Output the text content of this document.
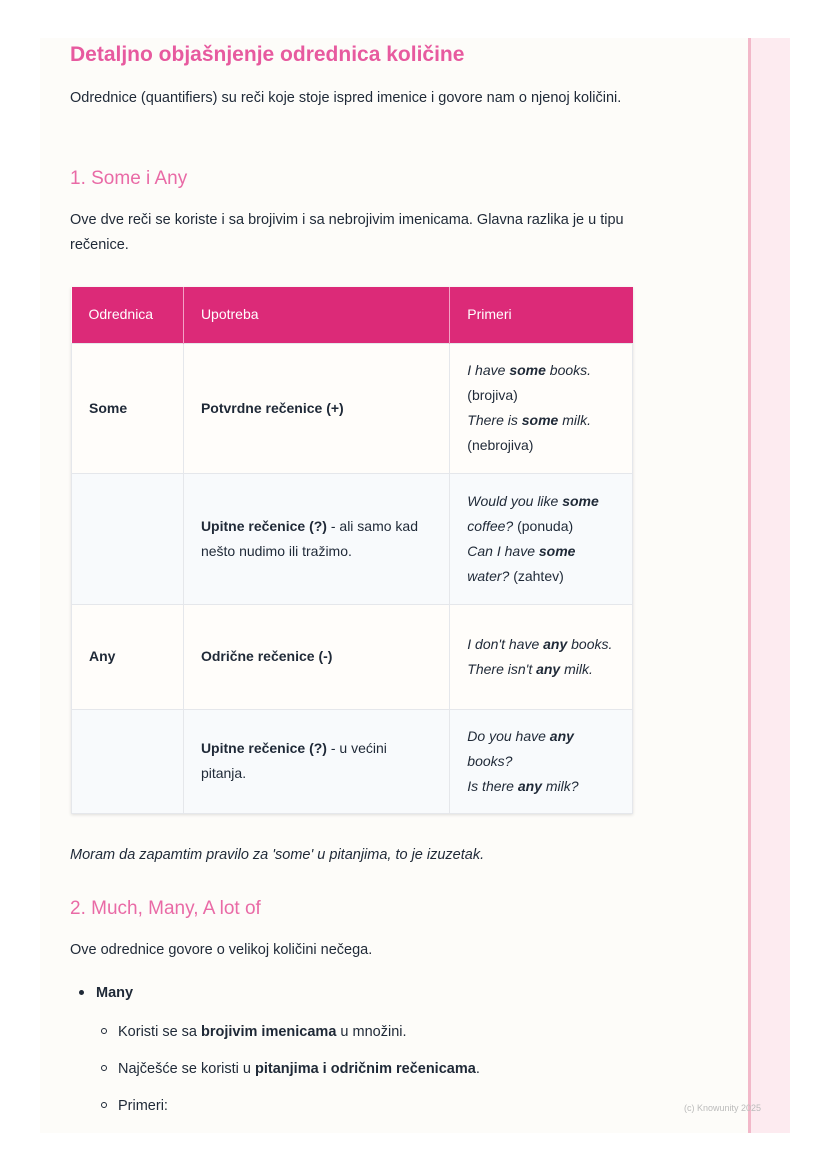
Detaljno objašnjenje odrednica količine

Odrednice (quantifiers) su reči koje stoje ispred imenice i govore nam o njenoj količini.

1. Some i Any

Ove dve reči se koriste i sa brojivim i sa nebrojivim imenicama. Glavna razlika je u tipu rečenice.

Odrednica	Upotreba	Primeri
Some	Potvrdne rečenice (+)	I have some books. (brojiva)
There is some milk. (nebrojiva)

	Upitne rečenice (?) - ali samo kad nešto nudimo ili tražimo.	Would you like some coffee? (ponuda)
Can I have some water? (zahtev)

Any	Odrične rečenice (-)	I don't have any books.
There isn't any milk.

	Upitne rečenice (?) - u većini pitanja.	Do you have any books?
Is there any milk?

Moram da zapamtim pravilo za 'some' u pitanjima, to je izuzetak.

2. Much, Many, A lot of

Ove odrednice govore o velikoj količini nečega.

Many
Koristi se sa brojivim imenicama u množini.
Najčešće se koristi u pitanjima i odričnim rečenicama.
Primeri:	(c) Knowunity 2025
